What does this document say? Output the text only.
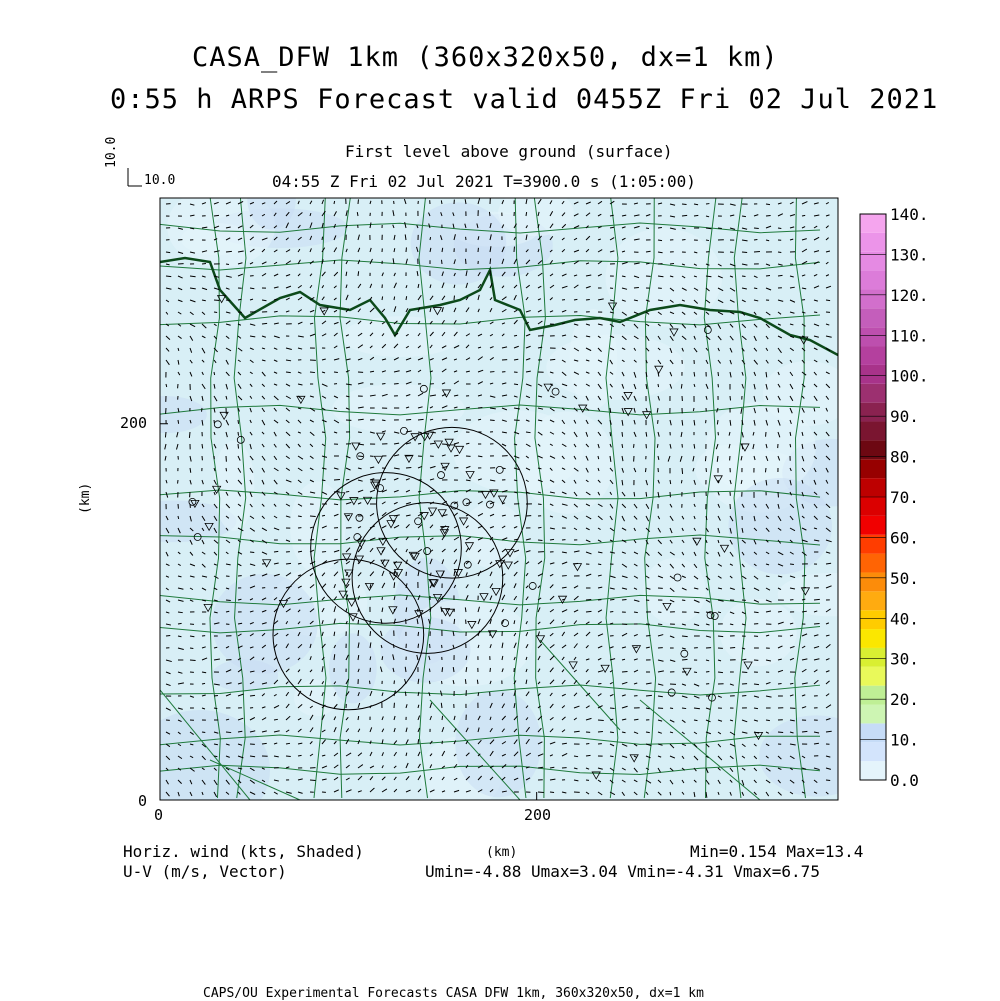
CASA_DFW 1km (360x320x50, dx=1 km)
0:55 h ARPS Forecast valid 0455Z Fri 02 Jul 2021
First level above ground (surface)
04:55 Z Fri 02 Jul 2021 T=3900.0 s (1:05:00)
10.0
10.0
0
200
0	200
(km)
Horiz. wind (kts, Shaded)
U-V (m/s, Vector)
(km)	Min=0.154 Max=13.4
Umin=-4.88 Umax=3.04 Vmin=-4.31 Vmax=6.75
CAPS/OU Experimental Forecasts CASA DFW 1km, 360x320x50, dx=1 km
0.0
10.
20.
30.
40.
50.
60.
70.
80.
90.
100.
110.
120.
130.
140.
